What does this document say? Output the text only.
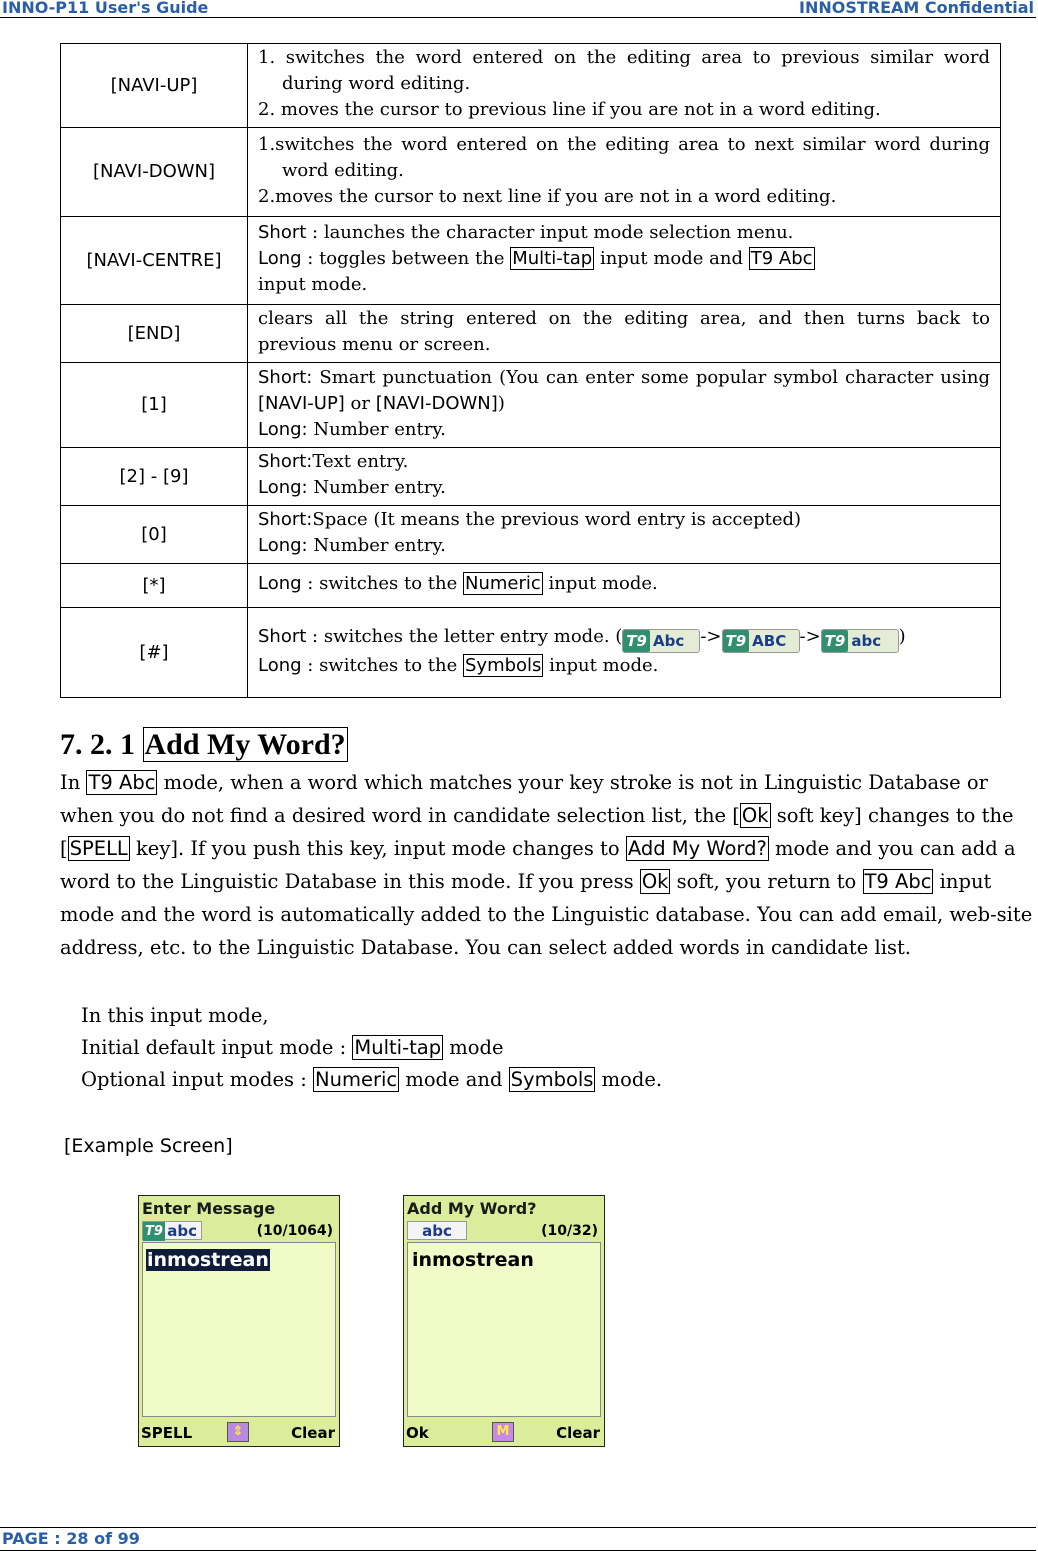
INNO-P11 User's Guide	INNOSTREAM Confidential
[NAVI-UP]	1. switches the word entered on the editing area to previous similar word during word editing.
2. moves the cursor to previous line if you are not in a word editing.

[NAVI-DOWN]	1.switches the word entered on the editing area to next similar word during word editing.
2.moves the cursor to next line if you are not in a word editing.

[NAVI-CENTRE]	Short : launches the character input mode selection menu.
Long : toggles between the Multi-tap input mode and T9 Abc
input mode.
[END]	clears all the string entered on the editing area, and then turns back to previous menu or screen.
[1]	Short: Smart punctuation (You can enter some popular symbol character using [NAVI-UP] or [NAVI-DOWN])
Long: Number entry.
[2] - [9]	Short:Text entry.
Long: Number entry.
[0]	Short:Space (It means the previous word entry is accepted)
Long: Number entry.
[*]	Long : switches to the Numeric input mode.
[#]	Short : switches the letter entry mode. ( T9 Abc -> T9 ABC -> T9 abc )
Long : switches to the Symbols input mode.
7. 2. 1 Add My Word?

In T9 Abc mode, when a word which matches your key stroke is not in Linguistic Database or when you do not find a desired word in candidate selection list, the [ Ok soft key] changes to the [ SPELL key]. If you push this key, input mode changes to Add My Word? mode and you can add a word to the Linguistic Database in this mode. If you press Ok soft, you return to T9 Abc input mode and the word is automatically added to the Linguistic database. You can add email, web-site address, etc. to the Linguistic Database. You can select added words in candidate list.

In this input mode,
Initial default input mode : Multi-tap mode
Optional input modes : Numeric mode and Symbols mode.
[Example Screen]
Enter Message
T9 abc	(10/1064)
inmostrean
SPELL	⇕	Clear
Add My Word?
abc	(10/32)
inmostrean
Ok	M	Clear
PAGE : 28 of 99
